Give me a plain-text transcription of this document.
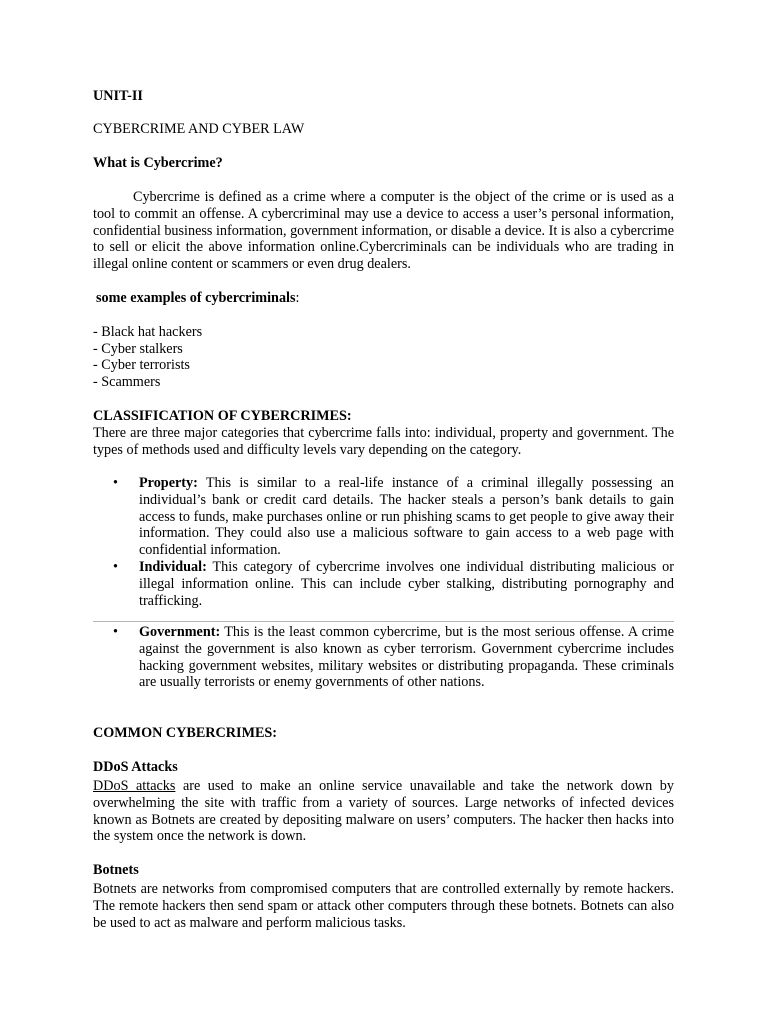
UNIT-II

CYBERCRIME AND CYBER LAW

What is Cybercrime?

Cybercrime is defined as a crime where a computer is the object of the crime or is used as a tool to commit an offense. A cybercriminal may use a device to access a user’s personal information, confidential business information, government information, or disable a device. It is also a cybercrime to sell or elicit the above information online.Cybercriminals can be individuals who are trading in illegal online content or scammers or even drug dealers.

some examples of cybercriminals:

- Black hat hackers

- Cyber stalkers

- Cyber terrorists

- Scammers

CLASSIFICATION OF CYBERCRIMES:

There are three major categories that cybercrime falls into: individual, property and government. The types of methods used and difficulty levels vary depending on the category.

• Property: This is similar to a real-life instance of a criminal illegally possessing an individual’s bank or credit card details. The hacker steals a person’s bank details to gain access to funds, make purchases online or run phishing scams to get people to give away their information. They could also use a malicious software to gain access to a web page with confidential information.
• Individual: This category of cybercrime involves one individual distributing malicious or illegal information online. This can include cyber stalking, distributing pornography and trafficking.
• Government: This is the least common cybercrime, but is the most serious offense. A crime against the government is also known as cyber terrorism. Government cybercrime includes hacking government websites, military websites or distributing propaganda. These criminals are usually terrorists or enemy governments of other nations.

COMMON CYBERCRIMES:

DDoS Attacks

DDoS attacks are used to make an online service unavailable and take the network down by overwhelming the site with traffic from a variety of sources. Large networks of infected devices known as Botnets are created by depositing malware on users’ computers. The hacker then hacks into the system once the network is down.

Botnets

Botnets are networks from compromised computers that are controlled externally by remote hackers. The remote hackers then send spam or attack other computers through these botnets. Botnets can also be used to act as malware and perform malicious tasks.
